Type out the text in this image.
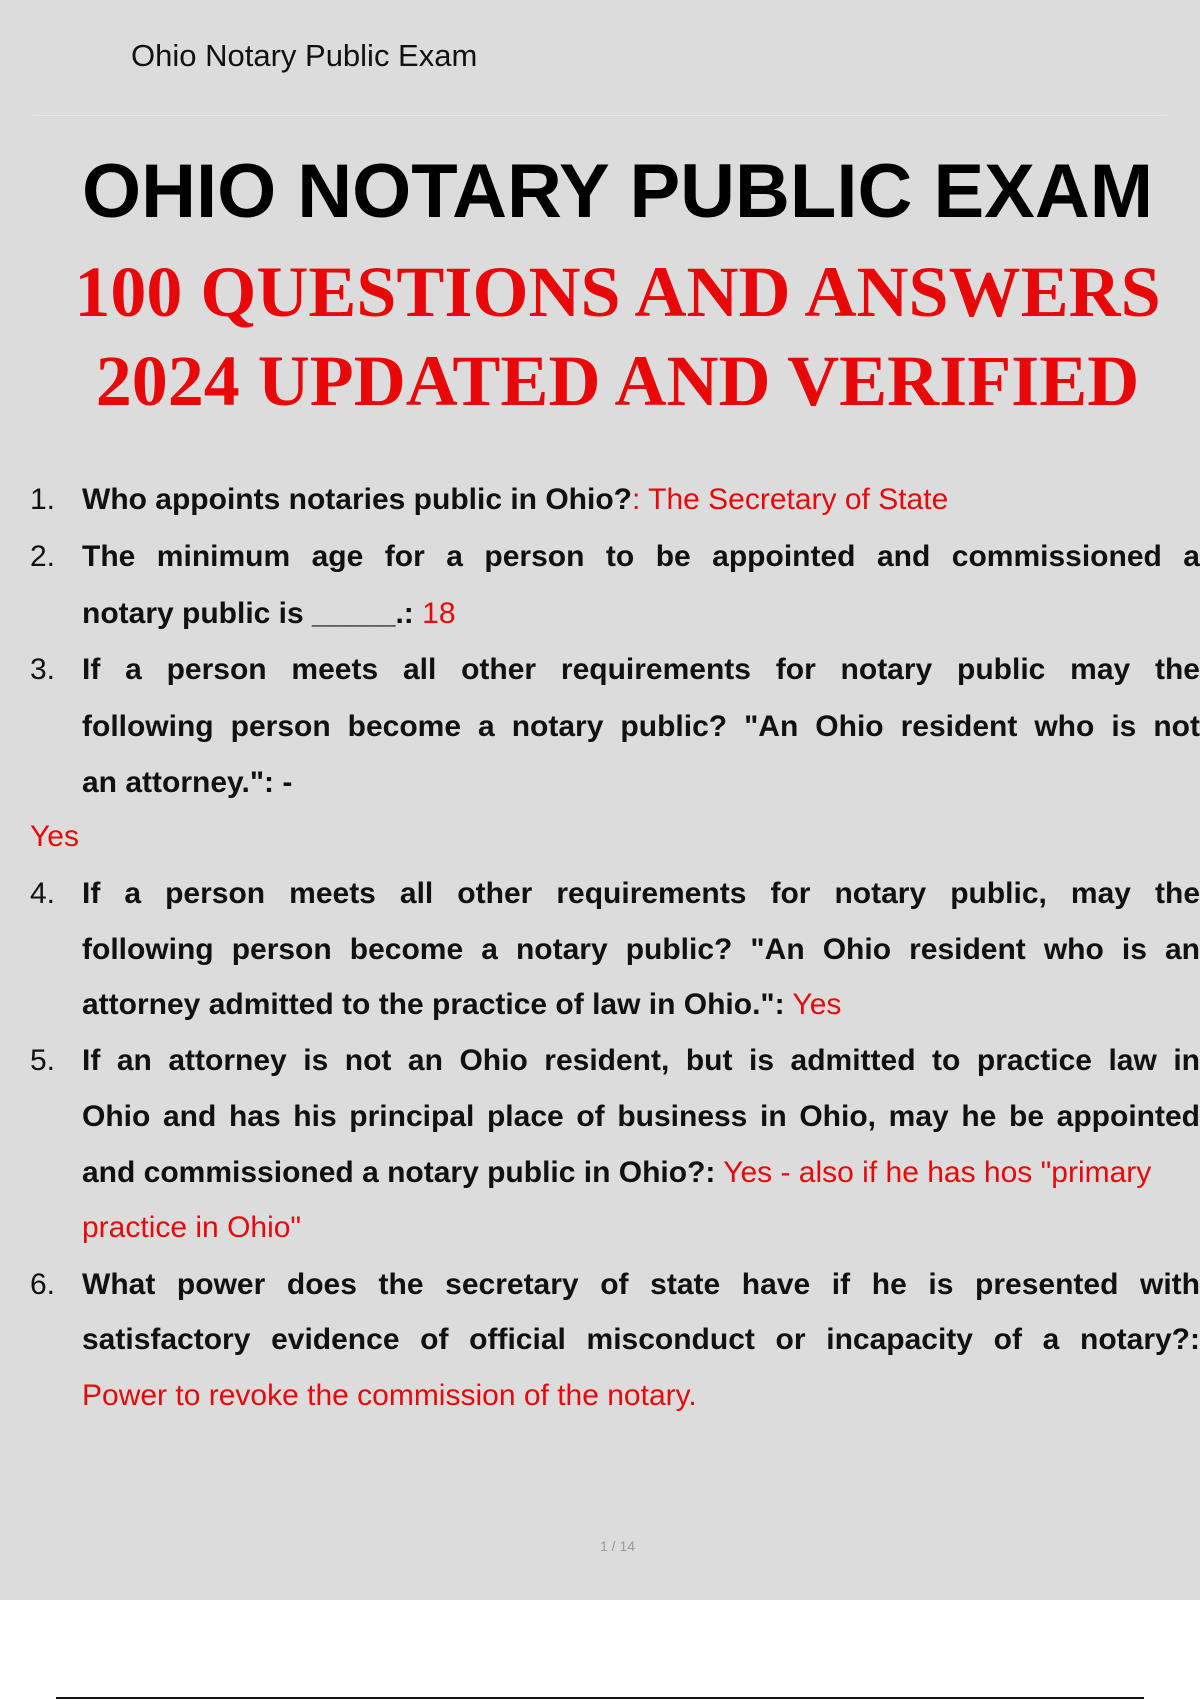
Ohio Notary Public Exam
OHIO NOTARY PUBLIC EXAM
100 QUESTIONS AND ANSWERS
2024 UPDATED AND VERIFIED
1. Who appoints notaries public in Ohio?: The Secretary of State
2. The minimum age for a person to be appointed and commissioned a
notary public is _____.: 18
3. If a person meets all other requirements for notary public may the
following person become a notary public? "An Ohio resident who is not
an attorney.": -
Yes
4. If a person meets all other requirements for notary public, may the
following person become a notary public? "An Ohio resident who is an
attorney admitted to the practice of law in Ohio.": Yes
5. If an attorney is not an Ohio resident, but is admitted to practice law in
Ohio and has his principal place of business in Ohio, may he be appointed
and commissioned a notary public in Ohio?: Yes - also if he has hos "primary
practice in Ohio"
6. What power does the secretary of state have if he is presented with
satisfactory evidence of official misconduct or incapacity of a notary?:
Power to revoke the commission of the notary.
1 / 14
